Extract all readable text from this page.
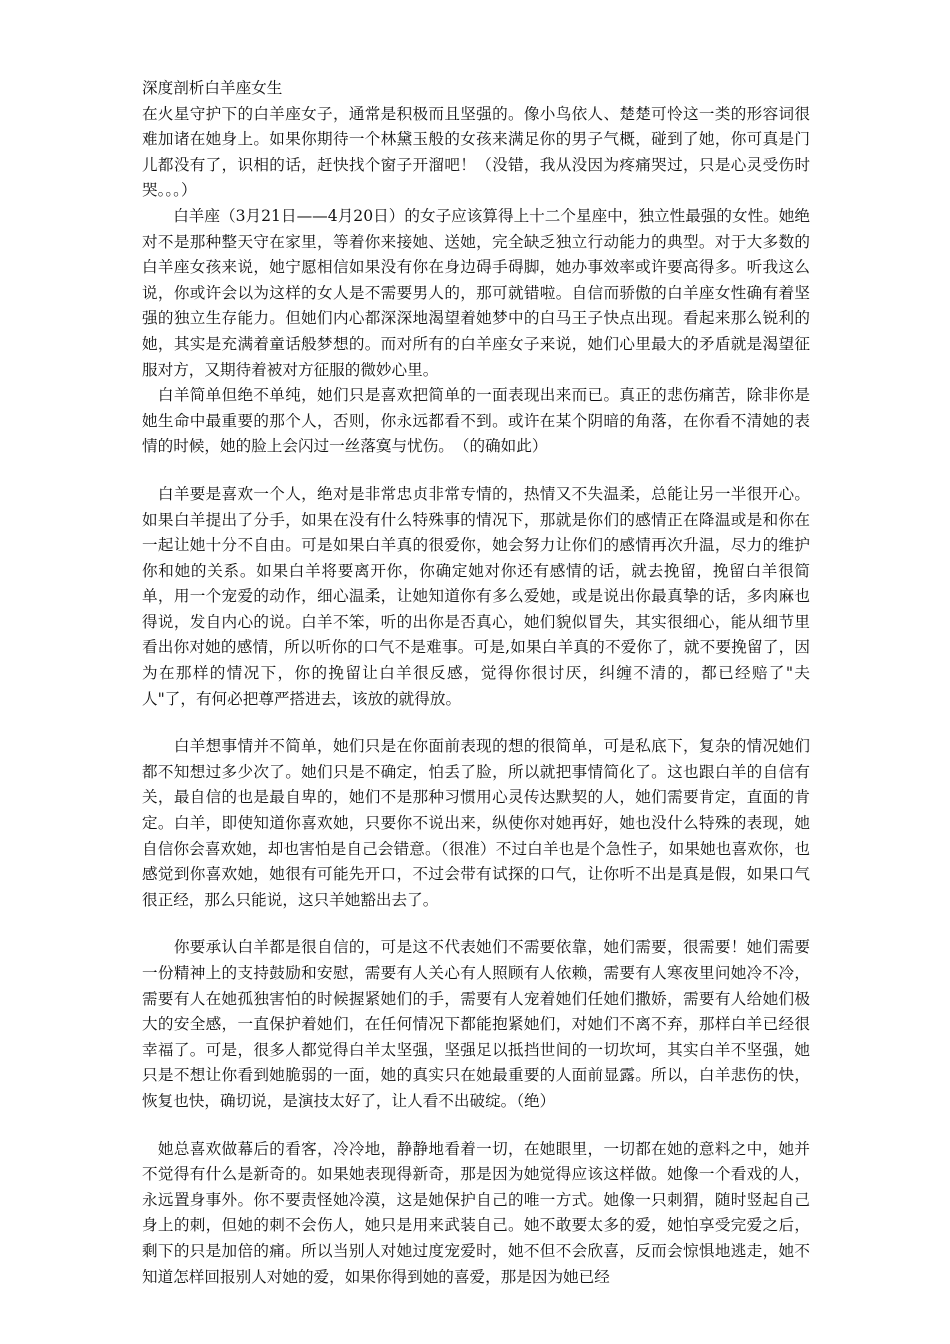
深度剖析白羊座女生

在火星守护下的白羊座女子，通常是积极而且坚强的。像小鸟依人、楚楚可怜这一类的形容词很难加诸在她身上。如果你期待一个林黛玉般的女孩来满足你的男子气概，碰到了她，你可真是门儿都没有了，识相的话，赶快找个窗子开溜吧！（没错，我从没因为疼痛哭过，只是心灵受伤时哭。。。）

　　白羊座（3月21日——4月20日）的女子应该算得上十二个星座中，独立性最强的女性。她绝对不是那种整天守在家里，等着你来接她、送她，完全缺乏独立行动能力的典型。对于大多数的白羊座女孩来说，她宁愿相信如果没有你在身边碍手碍脚，她办事效率或许要高得多。听我这么说，你或许会以为这样的女人是不需要男人的，那可就错啦。自信而骄傲的白羊座女性确有着坚强的独立生存能力。但她们内心都深深地渴望着她梦中的白马王子快点出现。看起来那么锐利的她，其实是充满着童话般梦想的。而对所有的白羊座女子来说，她们心里最大的矛盾就是渴望征服对方，又期待着被对方征服的微妙心里。

　白羊简单但绝不单纯，她们只是喜欢把简单的一面表现出来而已。真正的悲伤痛苦，除非你是她生命中最重要的那个人，否则，你永远都看不到。或许在某个阴暗的角落，在你看不清她的表情的时候，她的脸上会闪过一丝落寞与忧伤。　（的确如此）

　白羊要是喜欢一个人，绝对是非常忠贞非常专情的，热情又不失温柔，总能让另一半很开心。如果白羊提出了分手，如果在没有什么特殊事的情况下，那就是你们的感情正在降温或是和你在一起让她十分不自由。可是如果白羊真的很爱你，她会努力让你们的感情再次升温，尽力的维护你和她的关系。如果白羊将要离开你，你确定她对你还有感情的话，就去挽留，挽留白羊很简单，用一个宠爱的动作，细心温柔，让她知道你有多么爱她，或是说出你最真挚的话，多肉麻也得说，发自内心的说。白羊不笨，听的出你是否真心，她们貌似冒失，其实很细心，能从细节里看出你对她的感情，所以听你的口气不是难事。可是,如果白羊真的不爱你了，就不要挽留了，因为在那样的情况下，你的挽留让白羊很反感，觉得你很讨厌，纠缠不清的，都已经赔了"夫人"了，有何必把尊严搭进去，该放的就得放。

　　白羊想事情并不简单，她们只是在你面前表现的想的很简单，可是私底下，复杂的情况她们都不知想过多少次了。她们只是不确定，怕丢了脸，所以就把事情简化了。这也跟白羊的自信有关，最自信的也是最自卑的，她们不是那种习惯用心灵传达默契的人，她们需要肯定，直面的肯定。白羊，即使知道你喜欢她，只要你不说出来，纵使你对她再好，她也没什么特殊的表现，她自信你会喜欢她，却也害怕是自己会错意。（很准）不过白羊也是个急性子，如果她也喜欢你，也感觉到你喜欢她，她很有可能先开口，不过会带有试探的口气，让你听不出是真是假，如果口气很正经，那么只能说，这只羊她豁出去了。

　　你要承认白羊都是很自信的，可是这不代表她们不需要依靠，她们需要，很需要！她们需要一份精神上的支持鼓励和安慰，需要有人关心有人照顾有人依赖，需要有人寒夜里问她冷不冷，需要有人在她孤独害怕的时候握紧她们的手，需要有人宠着她们任她们撒娇，需要有人给她们极大的安全感，一直保护着她们，在任何情况下都能抱紧她们，对她们不离不弃，那样白羊已经很幸福了。可是，很多人都觉得白羊太坚强，坚强足以抵挡世间的一切坎坷，其实白羊不坚强，她只是不想让你看到她脆弱的一面，她的真实只在她最重要的人面前显露。所以，白羊悲伤的快，恢复也快，确切说，是演技太好了，让人看不出破绽。（绝）

　她总喜欢做幕后的看客，冷冷地，静静地看着一切，在她眼里，一切都在她的意料之中，她并不觉得有什么是新奇的。如果她表现得新奇，那是因为她觉得应该这样做。她像一个看戏的人，永远置身事外。你不要责怪她冷漠，这是她保护自己的唯一方式。她像一只刺猬，随时竖起自己身上的刺，但她的刺不会伤人，她只是用来武装自己。她不敢要太多的爱，她怕享受完爱之后，剩下的只是加倍的痛。所以当别人对她过度宠爱时，她不但不会欣喜，反而会惊惧地逃走，她不知道怎样回报别人对她的爱，如果你得到她的喜爱，那是因为她已经
